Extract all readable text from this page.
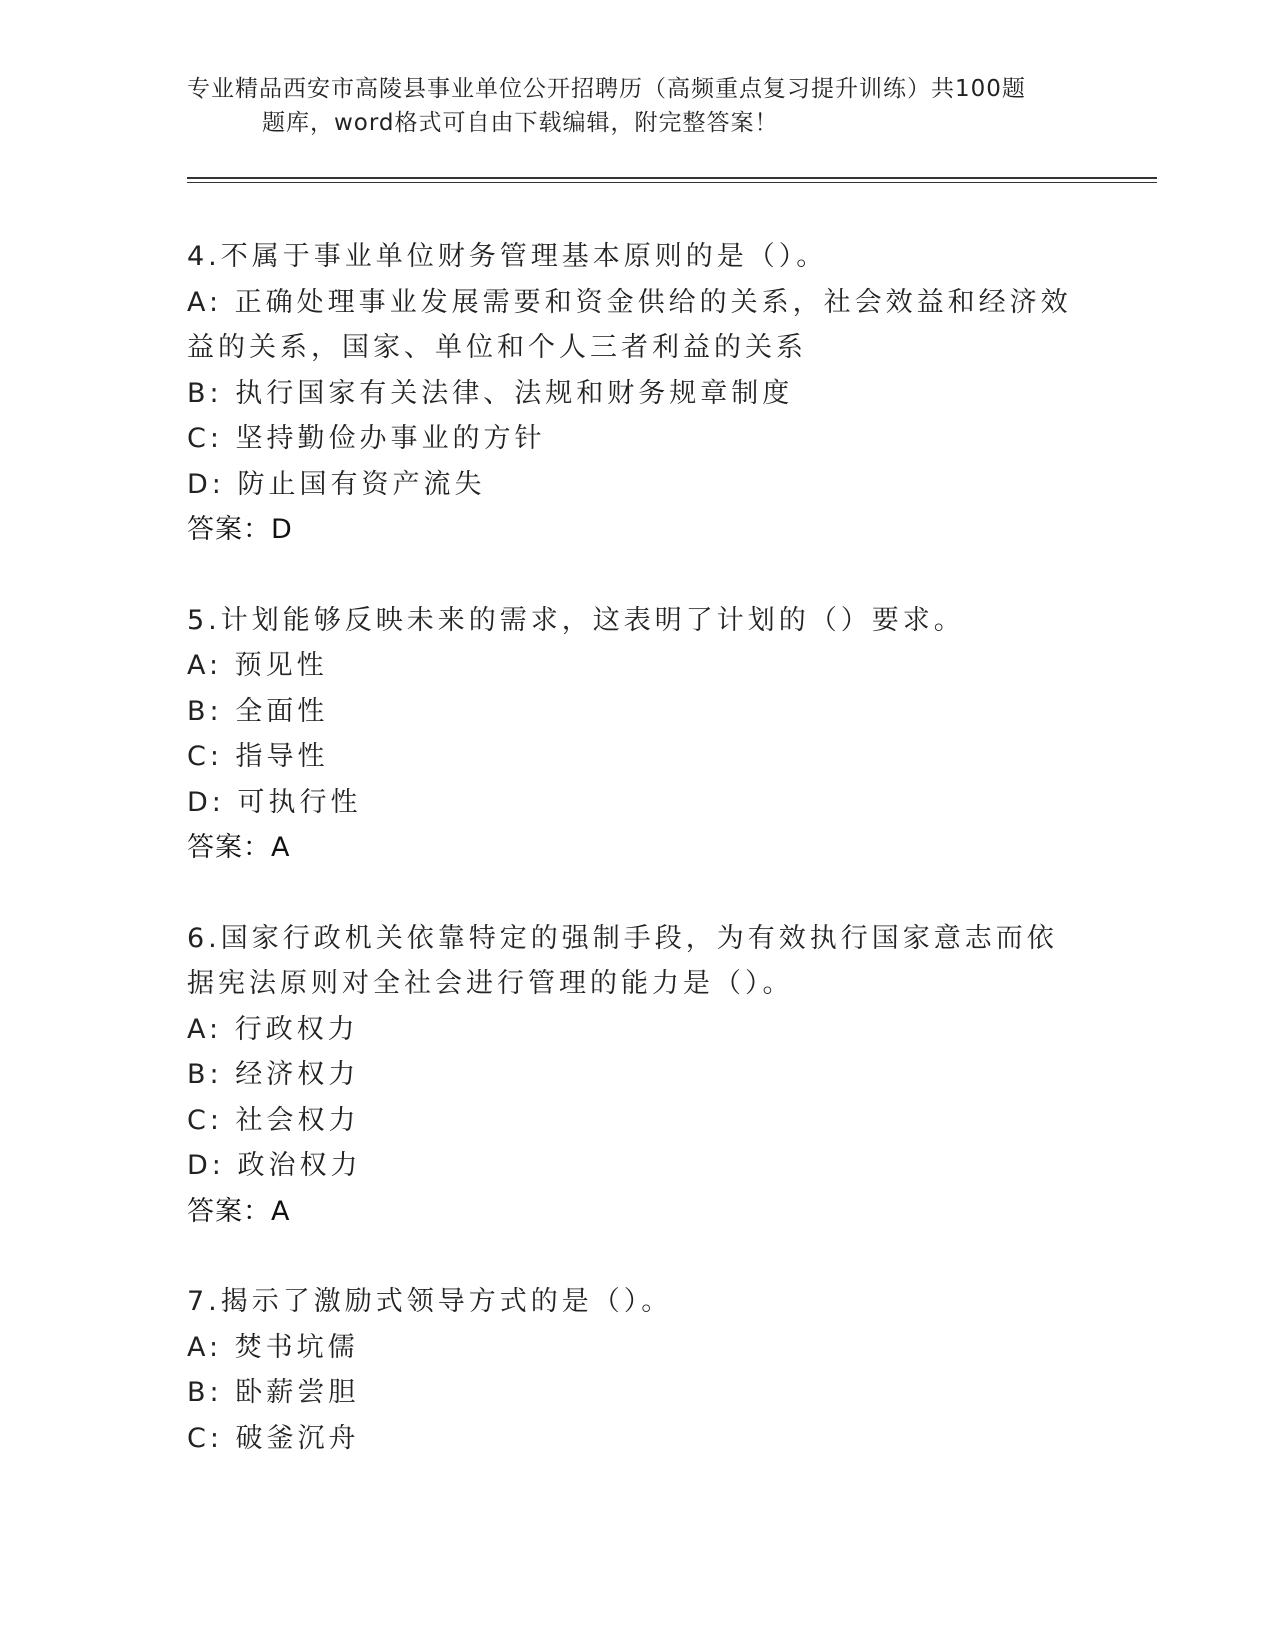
专业精品西安市高陵县事业单位公开招聘历（高频重点复习提升训练）共100题
题库，word格式可自由下载编辑，附完整答案！

4.不属于事业单位财务管理基本原则的是（）。

A: 正确处理事业发展需要和资金供给的关系，社会效益和经济效益的关系，国家、单位和个人三者利益的关系

B: 执行国家有关法律、法规和财务规章制度

C: 坚持勤俭办事业的方针

D: 防止国有资产流失

答案：D

5.计划能够反映未来的需求，这表明了计划的（）要求。

A: 预见性

B: 全面性

C: 指导性

D: 可执行性

答案：A

6.国家行政机关依靠特定的强制手段，为有效执行国家意志而依据宪法原则对全社会进行管理的能力是（）。

A: 行政权力

B: 经济权力

C: 社会权力

D: 政治权力

答案：A

7.揭示了激励式领导方式的是（）。

A: 焚书坑儒

B: 卧薪尝胆

C: 破釜沉舟
